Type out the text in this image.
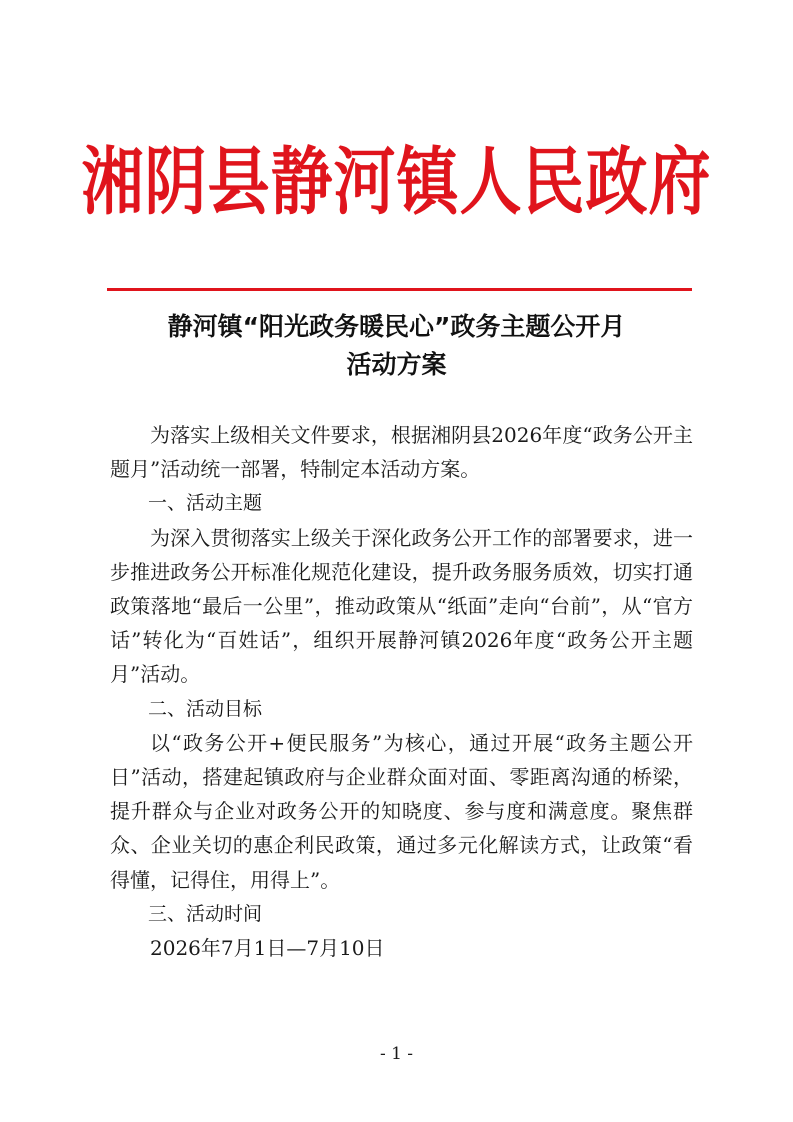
湘阴县静河镇人民政府
静河镇“阳光政务暖民心”政务主题公开月
活动方案

为落实上级相关文件要求，根据湘阴县2026年度“政务公开主题月”活动统一部署，特制定本活动方案。

一、活动主题

为深入贯彻落实上级关于深化政务公开工作的部署要求，进一步推进政务公开标准化规范化建设，提升政务服务质效，切实打通政策落地“最后一公里”，推动政策从“纸面”走向“台前”，从“官方话”转化为“百姓话”，组织开展静河镇2026年度“政务公开主题月”活动。

二、活动目标

以“政务公开+便民服务”为核心，通过开展“政务主题公开日”活动，搭建起镇政府与企业群众面对面、零距离沟通的桥梁，提升群众与企业对政务公开的知晓度、参与度和满意度。聚焦群众、企业关切的惠企利民政策，通过多元化解读方式，让政策“看得懂，记得住，用得上”。

三、活动时间

2026年7月1日—7月10日

- 1 -
